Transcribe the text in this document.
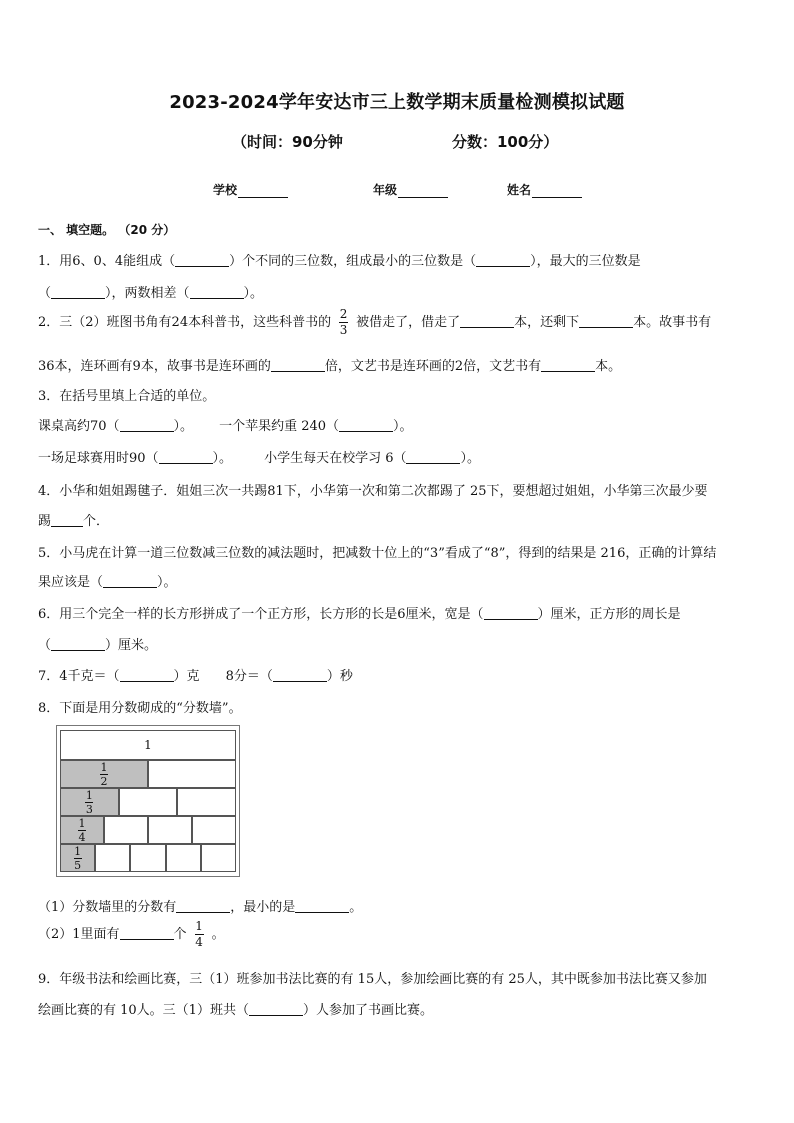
2023-2024学年安达市三上数学期末质量检测模拟试题
（时间：90分钟	分数：100分）
学校	年级	姓名
一、 填空题。 （20 分）
1．用6、0、4能组成（	）个不同的三位数，组成最小的三位数是（	），最大的三位数是
（	），两数相差（	）。
2．三（2）班图书角有24本科普书，这些科普书的 $\frac{2}{3}$ 被借走了，借走了	本，还剩下	本。故事书有
36本，连环画有9本，故事书是连环画的	倍，文艺书是连环画的2倍，文艺书有	本。
3．在括号里填上合适的单位。
课桌高约70（	）。 一个苹果约重 240（	）。
一场足球赛用时90（	）。 小学生每天在校学习 6（	）。
4．小华和姐姐踢毽子．姐姐三次一共踢81下，小华第一次和第二次都踢了 25下，要想超过姐姐，小华第三次最少要
踢 个．
5．小马虎在计算一道三位数减三位数的减法题时，把减数十位上的“3”看成了“8”，得到的结果是 216，正确的计算结
果应该是（	）。
6．用三个完全一样的长方形拼成了一个正方形，长方形的长是6厘米，宽是（	）厘米，正方形的周长是
（	）厘米。
7．4千克＝（	）克 8分＝（	）秒
8．下面是用分数砌成的“分数墙”。
1
$\frac{1}{2}$
$\frac{1}{3}$
$\frac{1}{4}$
$\frac{1}{5}$
（1）分数墙里的分数有	，最小的是	。
（2）1里面有	个 $\frac{1}{4}$ 。
9．年级书法和绘画比赛，三（1）班参加书法比赛的有 15人，参加绘画比赛的有 25人，其中既参加书法比赛又参加
绘画比赛的有 10人。三（1）班共（	）人参加了书画比赛。
